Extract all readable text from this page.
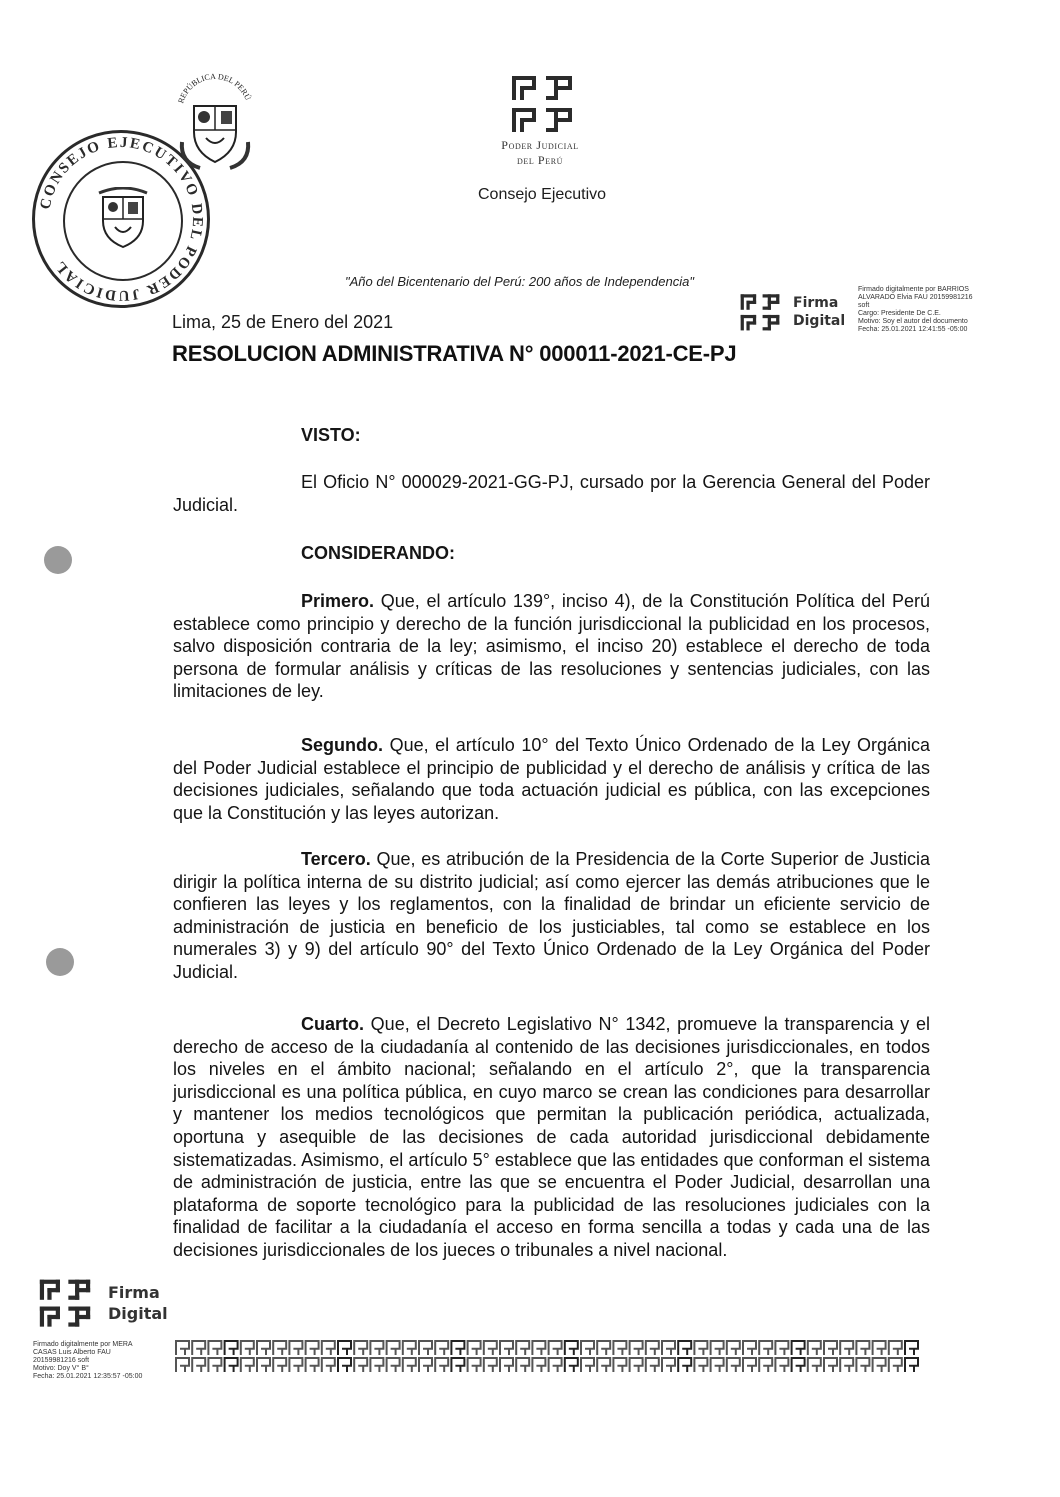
CONSEJO EJECUTIVO DEL PODER JUDICIAL
REPÚBLICA DEL PERÚ
Poder Judicial
del Perú
Consejo Ejecutivo
"Año del Bicentenario del Perú: 200 años de Independencia"
Firma
Digital
Firmado digitalmente por BARRIOS
ALVARADO Elvia FAU 20159981216
soft
Cargo: Presidente De C.E.
Motivo: Soy el autor del documento
Fecha: 25.01.2021 12:41:55 -05:00
Lima, 25 de Enero del 2021
RESOLUCION ADMINISTRATIVA N° 000011-2021-CE-PJ
VISTO:
El Oficio N° 000029-2021-GG-PJ, cursado por la Gerencia General del Poder Judicial.
CONSIDERANDO:
Primero. Que, el artículo 139°, inciso 4), de la Constitución Política del Perú establece como principio y derecho de la función jurisdiccional la publicidad en los procesos, salvo disposición contraria de la ley; asimismo, el inciso 20) establece el derecho de toda persona de formular análisis y críticas de las resoluciones y sentencias judiciales, con las limitaciones de ley.
Segundo. Que, el artículo 10° del Texto Único Ordenado de la Ley Orgánica del Poder Judicial establece el principio de publicidad y el derecho de análisis y crítica de las decisiones judiciales, señalando que toda actuación judicial es pública, con las excepciones que la Constitución y las leyes autorizan.
Tercero. Que, es atribución de la Presidencia de la Corte Superior de Justicia dirigir la política interna de su distrito judicial; así como ejercer las demás atribuciones que le confieren las leyes y los reglamentos, con la finalidad de brindar un eficiente servicio de administración de justicia en beneficio de los justiciables, tal como se establece en los numerales 3) y 9) del artículo 90° del Texto Único Ordenado de la Ley Orgánica del Poder Judicial.
Cuarto. Que, el Decreto Legislativo N° 1342, promueve la transparencia y el derecho de acceso de la ciudadanía al contenido de las decisiones jurisdiccionales, en todos los niveles en el ámbito nacional; señalando en el artículo 2°, que la transparencia jurisdiccional es una política pública, en cuyo marco se crean las condiciones para desarrollar y mantener los medios tecnológicos que permitan la publicación periódica, actualizada, oportuna y asequible de las decisiones de cada autoridad jurisdiccional debidamente sistematizadas. Asimismo, el artículo 5° establece que las entidades que conforman el sistema de administración de justicia, entre las que se encuentra el Poder Judicial, desarrollan una plataforma de soporte tecnológico para la publicidad de las resoluciones judiciales con la finalidad de facilitar a la ciudadanía el acceso en forma sencilla a todas y cada una de las decisiones jurisdiccionales de los jueces o tribunales a nivel nacional.
Firma
Digital
Firmado digitalmente por MERA
CASAS Luis Alberto FAU
20159981216 soft
Motivo: Doy V° B°
Fecha: 25.01.2021 12:35:57 -05:00
